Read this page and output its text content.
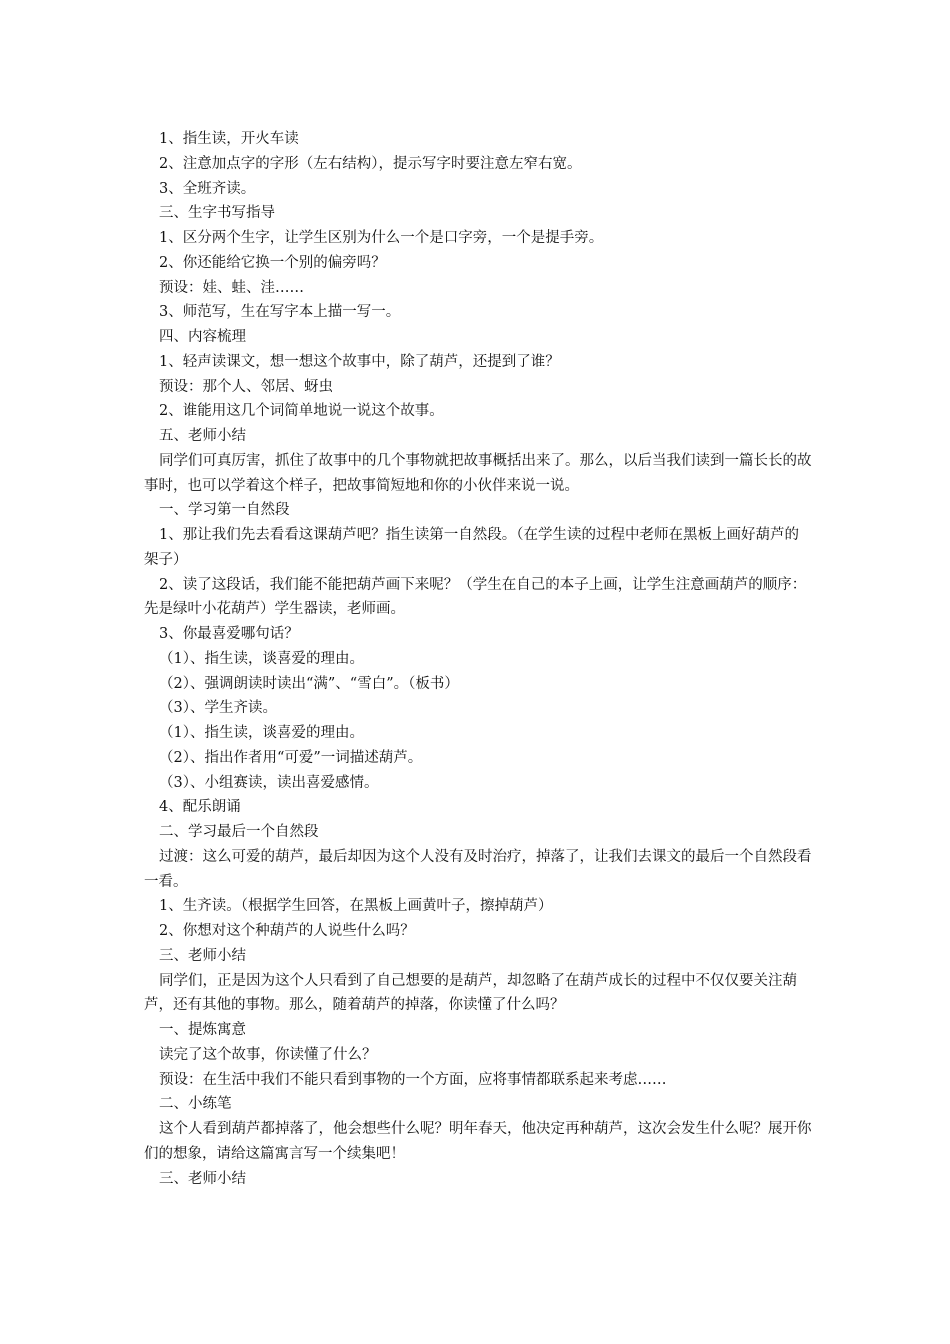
1、指生读，开火车读

2、注意加点字的字形（左右结构），提示写字时要注意左窄右宽。

3、全班齐读。

三、生字书写指导

1、区分两个生字，让学生区别为什么一个是口字旁，一个是提手旁。

2、你还能给它换一个别的偏旁吗？

预设：娃、蛙、洼……

3、师范写，生在写字本上描一写一。

四、内容梳理

1、轻声读课文，想一想这个故事中，除了葫芦，还提到了谁？

预设：那个人、邻居、蚜虫

2、谁能用这几个词简单地说一说这个故事。

五、老师小结

同学们可真厉害，抓住了故事中的几个事物就把故事概括出来了。那么，以后当我们读到一篇长长的故事时，也可以学着这个样子，把故事简短地和你的小伙伴来说一说。

一、学习第一自然段

1、那让我们先去看看这课葫芦吧？指生读第一自然段。（在学生读的过程中老师在黑板上画好葫芦的架子）

2、读了这段话，我们能不能把葫芦画下来呢？（学生在自己的本子上画，让学生注意画葫芦的顺序：先是绿叶小花葫芦）学生器读，老师画。

3、你最喜爱哪句话？

（1）、指生读，谈喜爱的理由。

（2）、强调朗读时读出“满”、“雪白”。（板书）

（3）、学生齐读。

（1）、指生读，谈喜爱的理由。

（2）、指出作者用“可爱”一词描述葫芦。

（3）、小组赛读，读出喜爱感情。

4、配乐朗诵

二、学习最后一个自然段

过渡：这么可爱的葫芦，最后却因为这个人没有及时治疗，掉落了，让我们去课文的最后一个自然段看一看。

1、生齐读。（根据学生回答，在黑板上画黄叶子，擦掉葫芦）

2、你想对这个种葫芦的人说些什么吗？

三、老师小结

同学们，正是因为这个人只看到了自己想要的是葫芦，却忽略了在葫芦成长的过程中不仅仅要关注葫芦，还有其他的事物。那么，随着葫芦的掉落，你读懂了什么吗？

一、提炼寓意

读完了这个故事，你读懂了什么？

预设：在生活中我们不能只看到事物的一个方面，应将事情都联系起来考虑……

二、小练笔

这个人看到葫芦都掉落了，他会想些什么呢？明年春天，他决定再种葫芦，这次会发生什么呢？展开你们的想象，请给这篇寓言写一个续集吧！

三、老师小结
